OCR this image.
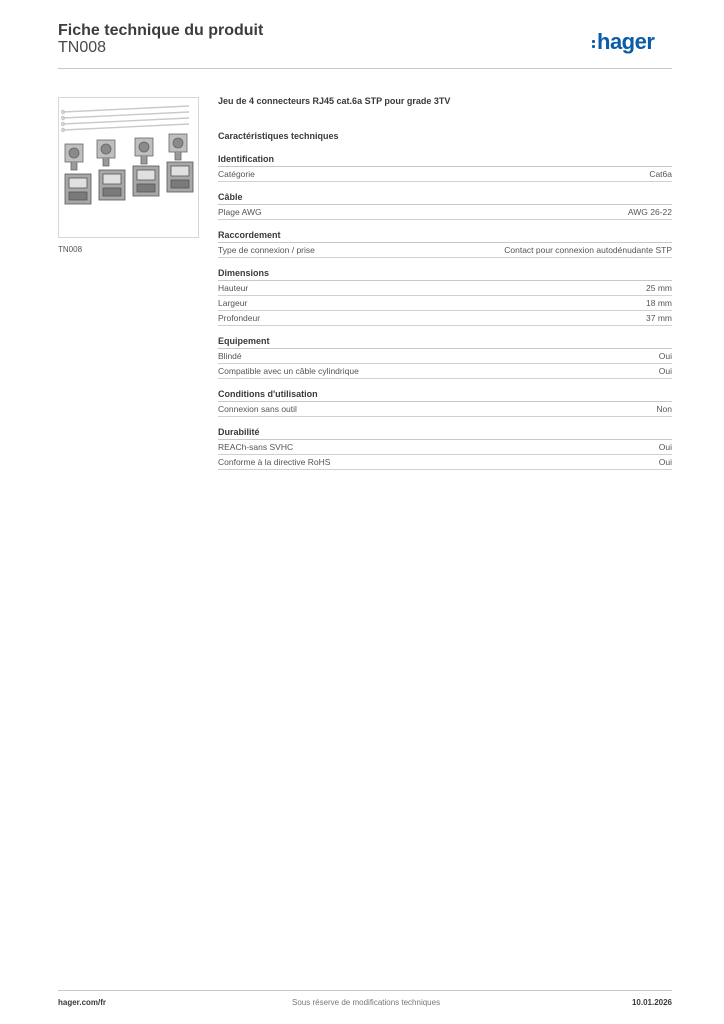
Fiche technique du produit
TN008	hager
TN008
Jeu de 4 connecteurs RJ45 cat.6a STP pour grade 3TV
Caractéristiques techniques
Identification
Catégorie	Cat6a
Câble
Plage AWG	AWG 26-22
Raccordement
Type de connexion / prise	Contact pour connexion autodénudante STP
Dimensions
Hauteur	25 mm
Largeur	18 mm
Profondeur	37 mm
Equipement
Blindé	Oui
Compatible avec un câble cylindrique	Oui
Conditions d'utilisation
Connexion sans outil	Non
Durabilité
REACh-sans SVHC	Oui
Conforme à la directive RoHS	Oui
hager.com/fr	Sous réserve de modifications techniques	10.01.2026
